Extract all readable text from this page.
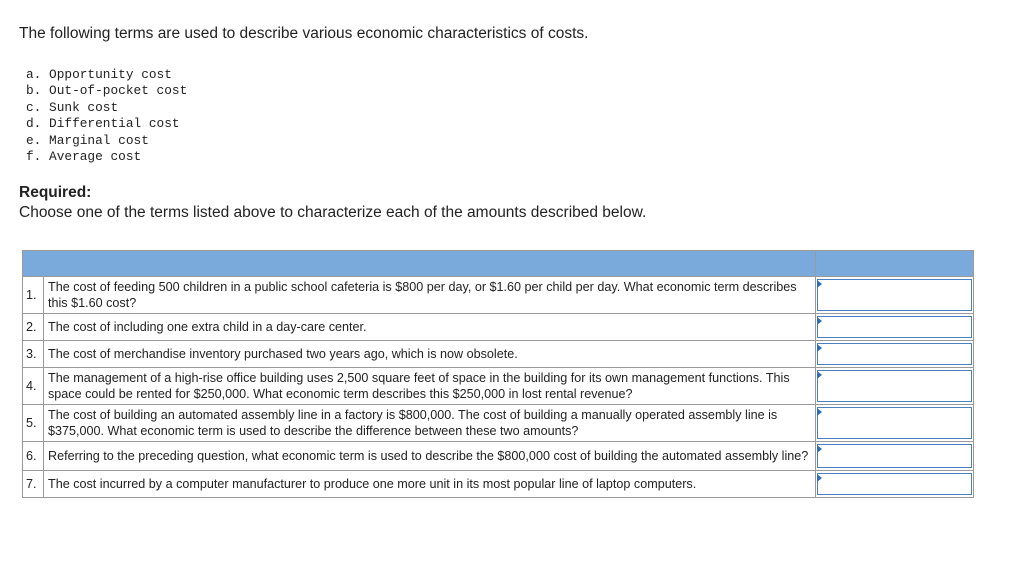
The following terms are used to describe various economic characteristics of costs.
a. Opportunity cost
b. Out-of-pocket cost
c. Sunk cost
d. Differential cost
e. Marginal cost
f. Average cost
Required:
Choose one of the terms listed above to characterize each of the amounts described below.

1.	The cost of feeding 500 children in a public school cafeteria is $800 per day, or $1.60 per child per day. What economic term describes this $1.60 cost?	

2.	The cost of including one extra child in a day-care center.	

3.	The cost of merchandise inventory purchased two years ago, which is now obsolete.	

4.	The management of a high-rise office building uses 2,500 square feet of space in the building for its own management functions. This space could be rented for $250,000. What economic term describes this $250,000 in lost rental revenue?	

5.	The cost of building an automated assembly line in a factory is $800,000. The cost of building a manually operated assembly line is $375,000. What economic term is used to describe the difference between these two amounts?	

6.	Referring to the preceding question, what economic term is used to describe the $800,000 cost of building the automated assembly line?	

7.	The cost incurred by a computer manufacturer to produce one more unit in its most popular line of laptop computers.	
